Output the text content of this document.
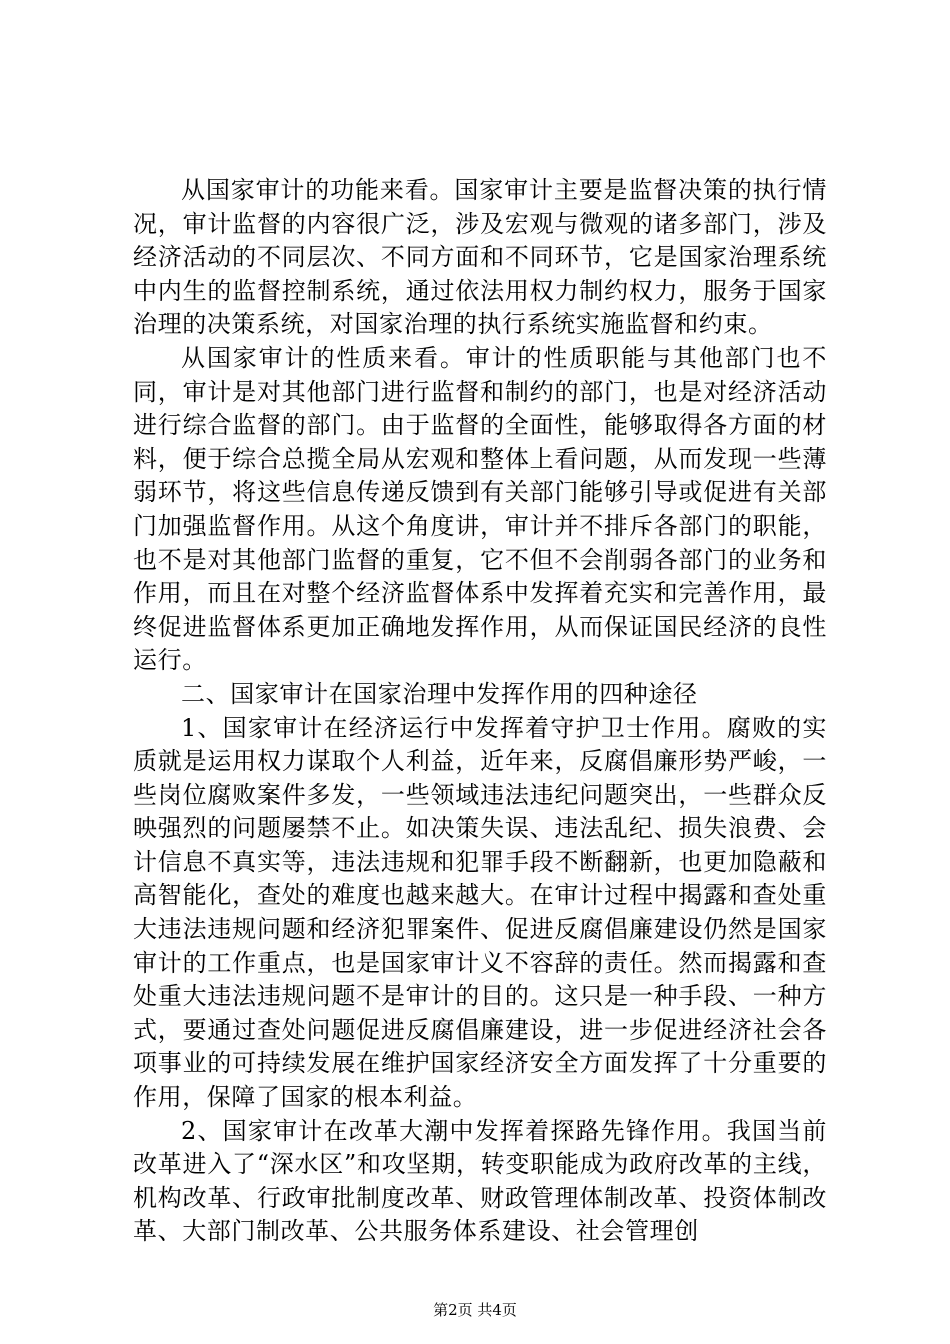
从国家审计的功能来看。国家审计主要是监督决策的执行情况，审计监督的内容很广泛，涉及宏观与微观的诸多部门，涉及经济活动的不同层次、不同方面和不同环节，它是国家治理系统中内生的监督控制系统，通过依法用权力制约权力，服务于国家治理的决策系统，对国家治理的执行系统实施监督和约束。

从国家审计的性质来看。审计的性质职能与其他部门也不同，审计是对其他部门进行监督和制约的部门，也是对经济活动进行综合监督的部门。由于监督的全面性，能够取得各方面的材料，便于综合总揽全局从宏观和整体上看问题，从而发现一些薄弱环节，将这些信息传递反馈到有关部门能够引导或促进有关部门加强监督作用。从这个角度讲，审计并不排斥各部门的职能，也不是对其他部门监督的重复，它不但不会削弱各部门的业务和作用，而且在对整个经济监督体系中发挥着充实和完善作用，最终促进监督体系更加正确地发挥作用，从而保证国民经济的良性运行。

二、国家审计在国家治理中发挥作用的四种途径

1、国家审计在经济运行中发挥着守护卫士作用。腐败的实质就是运用权力谋取个人利益，近年来，反腐倡廉形势严峻，一些岗位腐败案件多发，一些领域违法违纪问题突出，一些群众反映强烈的问题屡禁不止。如决策失误、违法乱纪、损失浪费、会计信息不真实等，违法违规和犯罪手段不断翻新，也更加隐蔽和高智能化，查处的难度也越来越大。在审计过程中揭露和查处重大违法违规问题和经济犯罪案件、促进反腐倡廉建设仍然是国家审计的工作重点，也是国家审计义不容辞的责任。然而揭露和查处重大违法违规问题不是审计的目的。这只是一种手段、一种方式，要通过查处问题促进反腐倡廉建设，进一步促进经济社会各项事业的可持续发展在维护国家经济安全方面发挥了十分重要的作用，保障了国家的根本利益。

2、国家审计在改革大潮中发挥着探路先锋作用。我国当前改革进入了“深水区”和攻坚期，转变职能成为政府改革的主线，机构改革、行政审批制度改革、财政管理体制改革、投资体制改革、大部门制改革、公共服务体系建设、社会管理创

第2页 共4页
